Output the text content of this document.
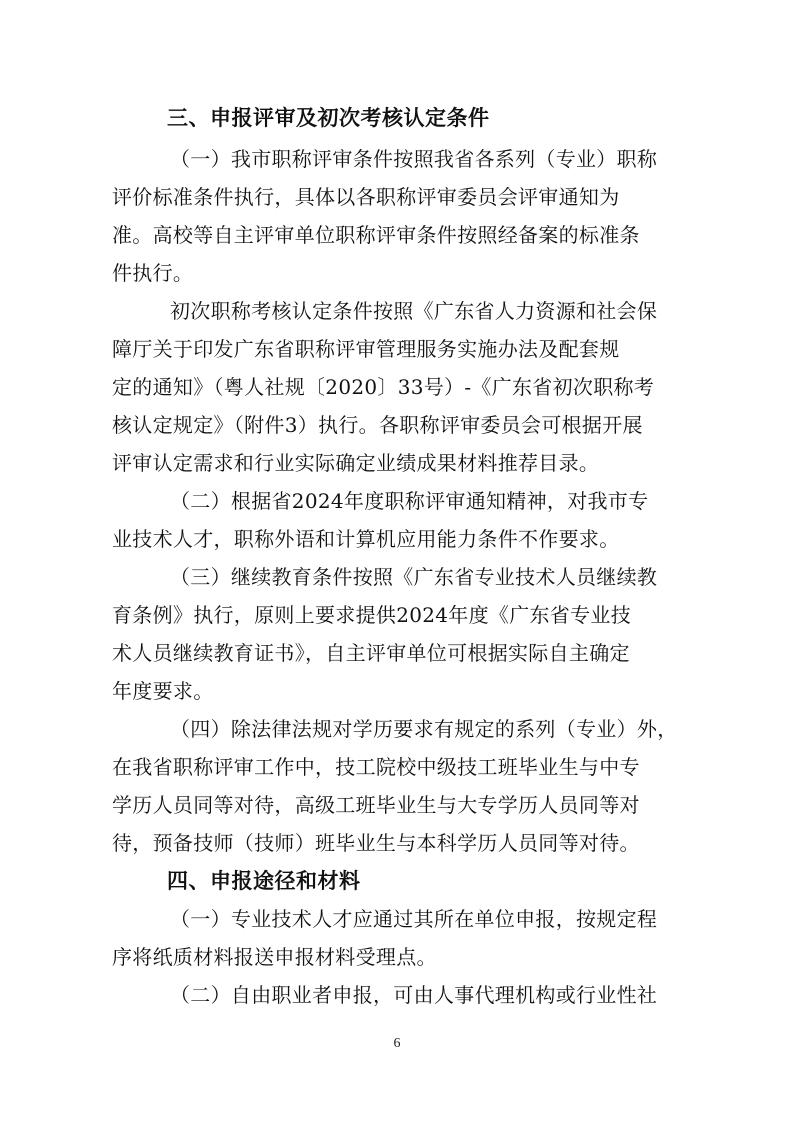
三、申报评审及初次考核认定条件
（一）我市职称评审条件按照我省各系列（专业）职称
评价标准条件执行，具体以各职称评审委员会评审通知为
准。高校等自主评审单位职称评审条件按照经备案的标准条
件执行。
初次职称考核认定条件按照《广东省人力资源和社会保
障厅关于印发广东省职称评审管理服务实施办法及配套规
定的通知》（粤人社规〔2020〕33号）-《广东省初次职称考
核认定规定》（附件3）执行。各职称评审委员会可根据开展
评审认定需求和行业实际确定业绩成果材料推荐目录。
（二）根据省2024年度职称评审通知精神，对我市专
业技术人才，职称外语和计算机应用能力条件不作要求。
（三）继续教育条件按照《广东省专业技术人员继续教
育条例》执行，原则上要求提供2024年度《广东省专业技
术人员继续教育证书》，自主评审单位可根据实际自主确定
年度要求。
（四）除法律法规对学历要求有规定的系列（专业）外，
在我省职称评审工作中，技工院校中级技工班毕业生与中专
学历人员同等对待，高级工班毕业生与大专学历人员同等对
待，预备技师（技师）班毕业生与本科学历人员同等对待。
四、申报途径和材料
（一）专业技术人才应通过其所在单位申报，按规定程
序将纸质材料报送申报材料受理点。
（二）自由职业者申报，可由人事代理机构或行业性社
6
